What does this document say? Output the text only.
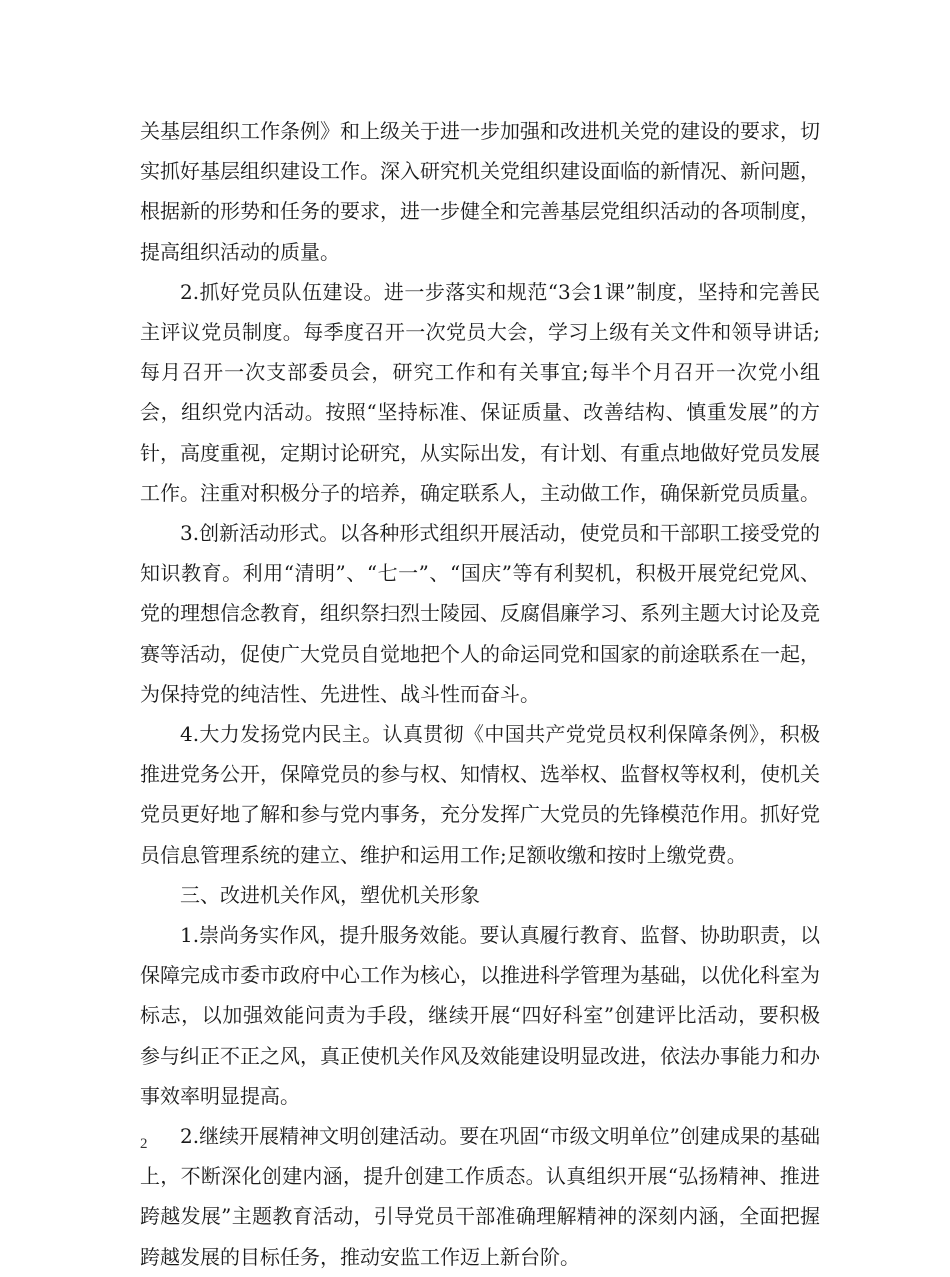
关基层组织工作条例》和上级关于进一步加强和改进机关党的建设的要求，切实抓好基层组织建设工作。深入研究机关党组织建设面临的新情况、新问题，根据新的形势和任务的要求，进一步健全和完善基层党组织活动的各项制度，提高组织活动的质量。

2.抓好党员队伍建设。进一步落实和规范“3会1课”制度，坚持和完善民主评议党员制度。每季度召开一次党员大会，学习上级有关文件和领导讲话;每月召开一次支部委员会，研究工作和有关事宜;每半个月召开一次党小组会，组织党内活动。按照“坚持标准、保证质量、改善结构、慎重发展”的方针，高度重视，定期讨论研究，从实际出发，有计划、有重点地做好党员发展工作。注重对积极分子的培养，确定联系人，主动做工作，确保新党员质量。

3.创新活动形式。以各种形式组织开展活动，使党员和干部职工接受党的知识教育。利用“清明”、“七一”、“国庆”等有利契机，积极开展党纪党风、党的理想信念教育，组织祭扫烈士陵园、反腐倡廉学习、系列主题大讨论及竞赛等活动，促使广大党员自觉地把个人的命运同党和国家的前途联系在一起，为保持党的纯洁性、先进性、战斗性而奋斗。

4.大力发扬党内民主。认真贯彻《中国共产党党员权利保障条例》，积极推进党务公开，保障党员的参与权、知情权、选举权、监督权等权利，使机关党员更好地了解和参与党内事务，充分发挥广大党员的先锋模范作用。抓好党员信息管理系统的建立、维护和运用工作;足额收缴和按时上缴党费。

三、改进机关作风，塑优机关形象

1.崇尚务实作风，提升服务效能。要认真履行教育、监督、协助职责，以保障完成市委市政府中心工作为核心，以推进科学管理为基础，以优化科室为标志，以加强效能问责为手段，继续开展“四好科室”创建评比活动，要积极参与纠正不正之风，真正使机关作风及效能建设明显改进，依法办事能力和办事效率明显提高。

2.继续开展精神文明创建活动。要在巩固“市级文明单位”创建成果的基础上，不断深化创建内涵，提升创建工作质态。认真组织开展“弘扬精神、推进跨越发展”主题教育活动，引导党员干部准确理解精神的深刻内涵，全面把握跨越发展的目标任务，推动安监工作迈上新台阶。

2
